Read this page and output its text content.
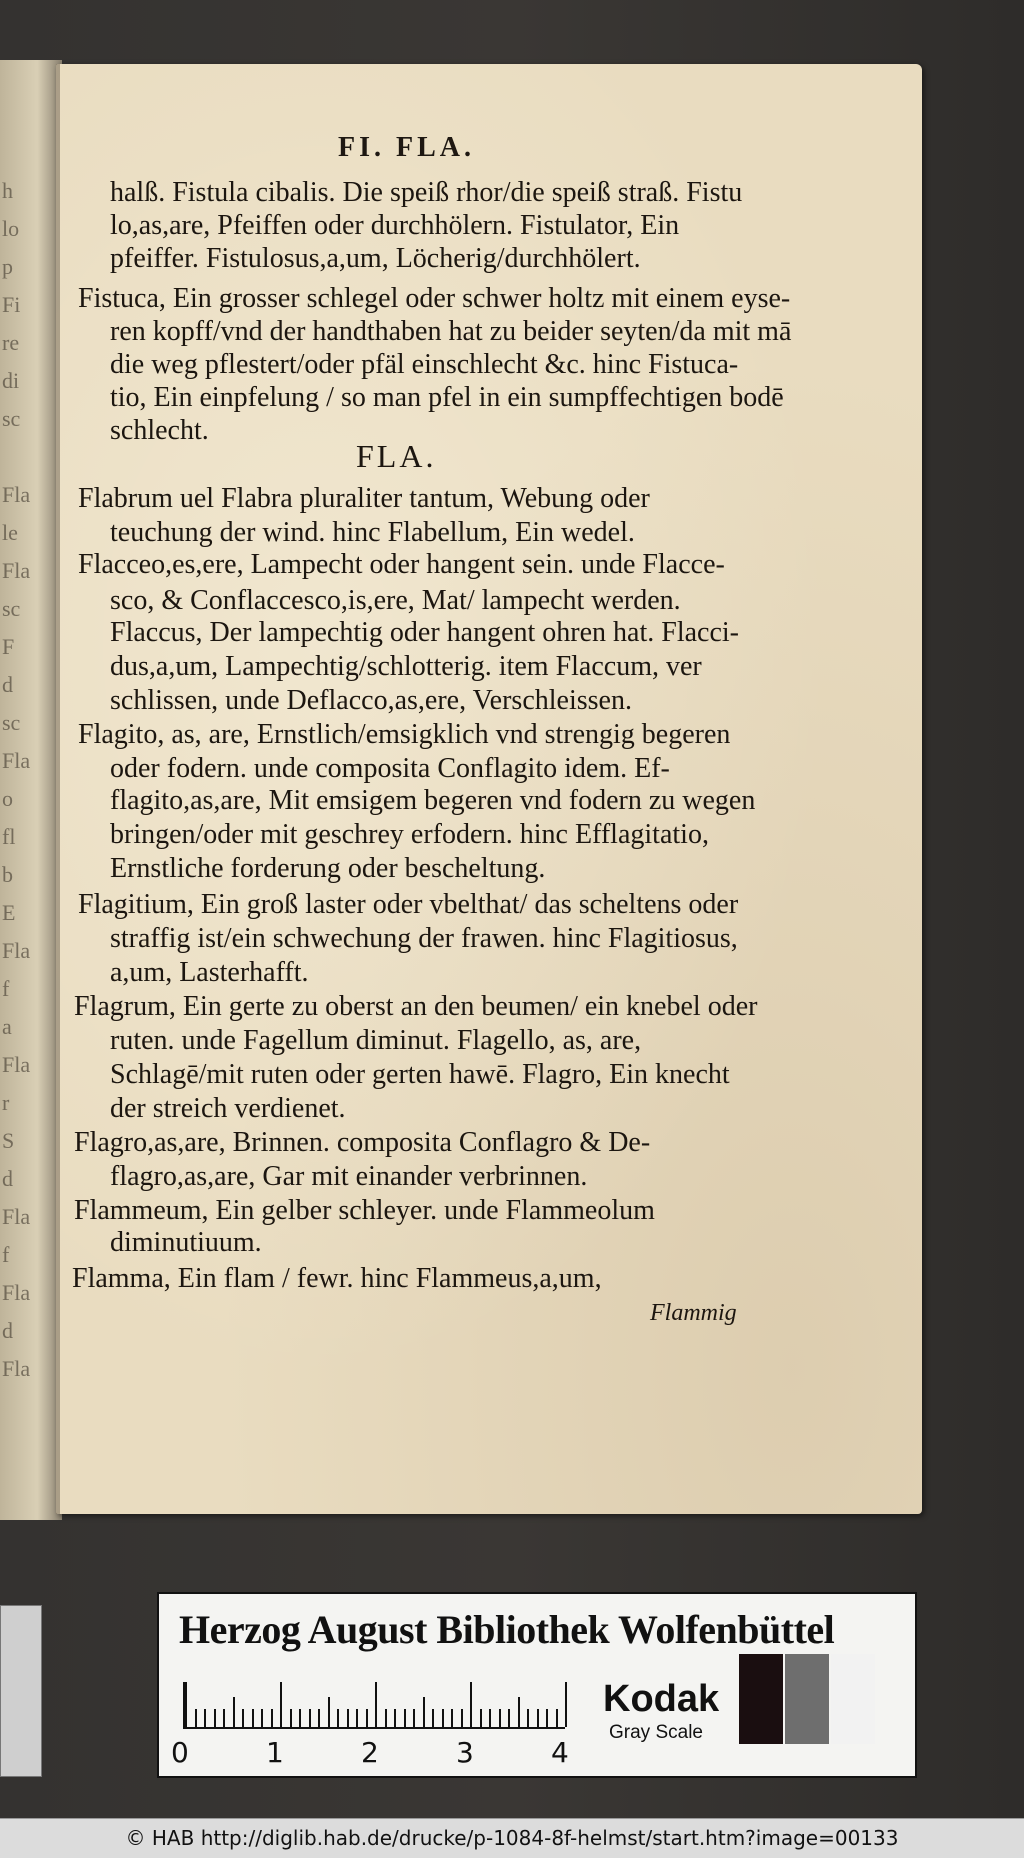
h
lo
p
Fi
re
di
sc
Fla
le
Fla
sc
F
d
sc
Fla
o
fl
b
E
Fla
f
a
Fla
r
S
d
Fla
f
Fla
d
Fla
FI. FLA.
FLA.
halß. Fistula cibalis. Die speiß rhor/die speiß straß. Fistu
lo,as,are, Pfeiffen oder durchhölern. Fistulator, Ein
pfeiffer. Fistulosus,a,um, Löcherig/durchhölert.
Fistuca, Ein grosser schlegel oder schwer holtz mit einem eyse-
ren kopff/vnd der handthaben hat zu beider seyten/da mit mā
die weg pflestert/oder pfäl einschlecht &c. hinc Fistuca-
tio, Ein einpfelung / so man pfel in ein sumpffechtigen bodē
schlecht.
Flabrum uel Flabra pluraliter tantum, Webung oder
teuchung der wind. hinc Flabellum, Ein wedel.
Flacceo,es,ere, Lampecht oder hangent sein. unde Flacce-
sco, & Conflaccesco,is,ere, Mat/ lampecht werden.
Flaccus, Der lampechtig oder hangent ohren hat. Flacci-
dus,a,um, Lampechtig/schlotterig. item Flaccum, ver
schlissen, unde Deflacco,as,ere, Verschleissen.
Flagito, as, are, Ernstlich/emsigklich vnd strengig begeren
oder fodern. unde composita Conflagito idem. Ef-
flagito,as,are, Mit emsigem begeren vnd fodern zu wegen
bringen/oder mit geschrey erfodern. hinc Efflagitatio,
Ernstliche forderung oder bescheltung.
Flagitium, Ein groß laster oder vbelthat/ das scheltens oder
straffig ist/ein schwechung der frawen. hinc Flagitiosus,
a,um, Lasterhafft.
Flagrum, Ein gerte zu oberst an den beumen/ ein knebel oder
ruten. unde Fagellum diminut. Flagello, as, are,
Schlagē/mit ruten oder gerten hawē. Flagro, Ein knecht
der streich verdienet.
Flagro,as,are, Brinnen. composita Conflagro & De-
flagro,as,are, Gar mit einander verbrinnen.
Flammeum, Ein gelber schleyer. unde Flammeolum
diminutiuum.
Flamma, Ein flam / fewr. hinc Flammeus,a,um,
Flammig
Herzog August Bibliothek Wolfenbüttel
0	1	2	3	4
Kodak
Gray Scale
© HAB http://diglib.hab.de/drucke/p-1084-8f-helmst/start.htm?image=00133
